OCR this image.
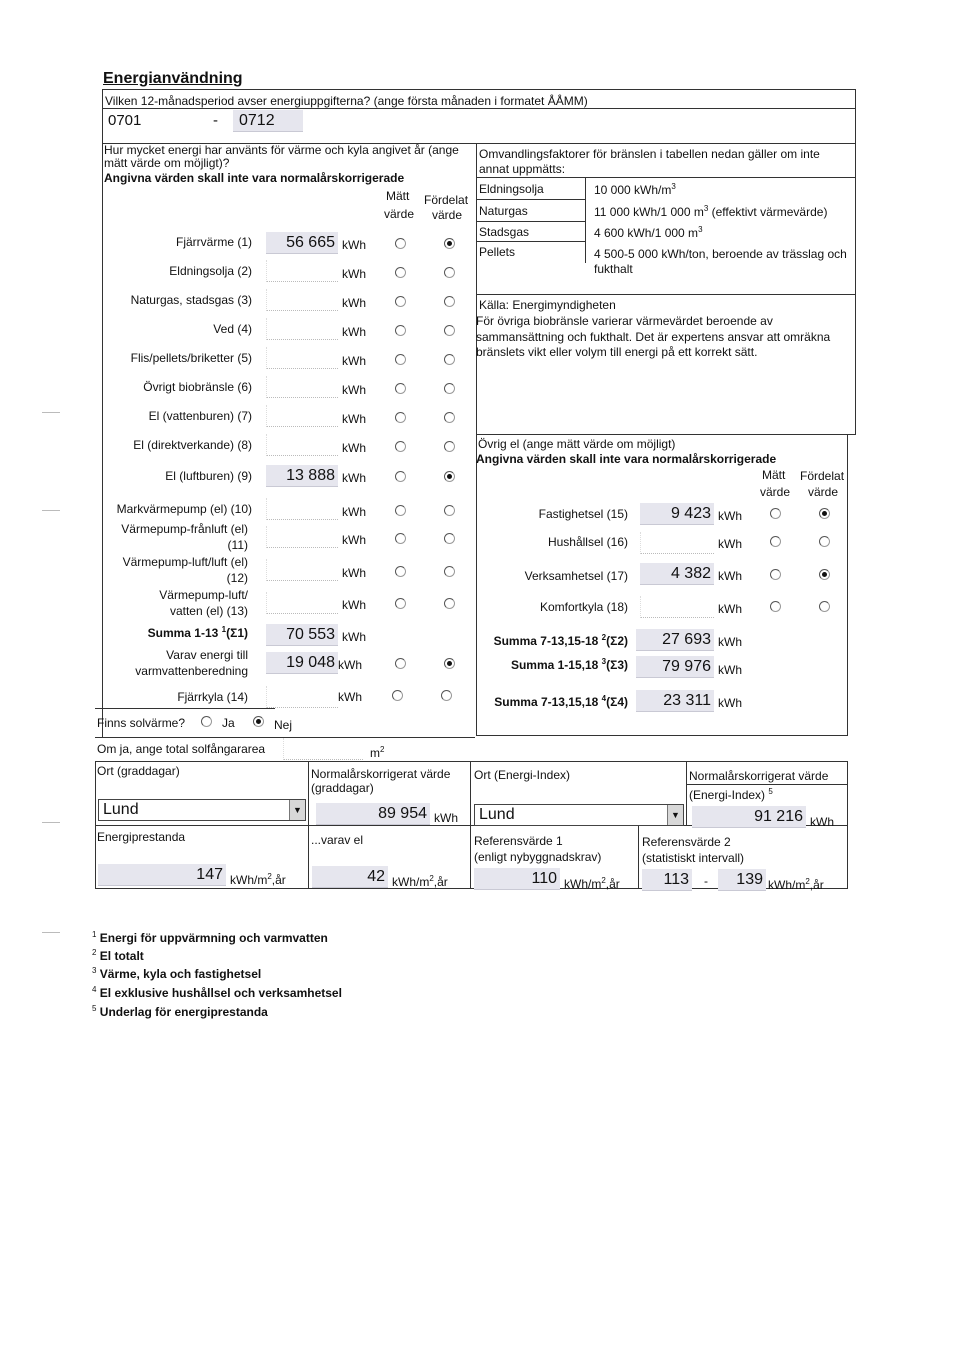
Energianvändning
Vilken 12-månadsperiod avser energiuppgifterna? (ange första månaden i formatet ÅÅMM)
0701	-	0712
Hur mycket energi har använts för värme och kyla angivet år (ange
mätt värde om möjligt)?
Angivna värden skall inte vara normalårskorrigerade
Mätt
värde
Fördelat
värde
Fjärrvärme (1)	56 665 kWh
Eldningsolja (2)	kWh
Naturgas, stadsgas (3)	kWh
Ved (4)	kWh
Flis/pellets/briketter (5)	kWh
Övrigt biobränsle (6)	kWh
El (vattenburen) (7)	kWh
El (direktverkande) (8)	kWh
El (luftburen) (9)	13 888 kWh
Markvärmepump (el) (10)	kWh
Värmepump-frånluft (el)
(11)	kWh
Värmepump-luft/luft (el)
(12)	kWh
Värmepump-luft/
vatten (el) (13)	kWh
Summa 1-13 $^1$(Σ1)	70 553 kWh
Varav energi till
varmvattenberedning	19 048 kWh
Fjärrkyla (14)	kWh
Finns solvärme?	Ja	Nej
Om ja, ange total solfångararea	$m^2$
Omvandlingsfaktorer för bränslen i tabellen nedan gäller om inte
annat uppmätts:
Eldningsolja	10 000 kWh/$m^3$
Naturgas	11 000 kWh/1 000 $m^3$ (effektivt värmevärde)
Stadsgas	4 600 kWh/1 000 $m^3$
Pellets	4 500-5 000 kWh/ton, beroende av trässlag och
fukthalt
Källa: Energimyndigheten
För övriga biobränsle varierar värmevärdet beroende av
sammansättning och fukthalt. Det är expertens ansvar att omräkna
bränslets vikt eller volym till energi på ett korrekt sätt.
Övrig el (ange mätt värde om möjligt)
Angivna värden skall inte vara normalårskorrigerade
Mätt
värde
Fördelat
värde
Fastighetsel (15)	9 423 kWh
Hushållsel (16)	kWh
Verksamhetsel (17)	4 382 kWh
Komfortkyla (18)	kWh
Summa 7-13,15-18 $^2$(Σ2)	27 693 kWh
Summa 1-15,18 $^3$(Σ3)	79 976 kWh
Summa 7-13,15,18 $^4$(Σ4)	23 311 kWh
Ort (graddagar)
Lund	▼
Normalårskorrigerat värde
(graddagar)
89 954 kWh
Ort (Energi-Index)
Lund	▼
Normalårskorrigerat värde
(Energi-Index) $^5$
91 216 kWh
Energiprestanda
147 kWh/$m^2,år$
...varav el
42 kWh/$m^2,år$
Referensvärde 1
(enligt nybyggnadskrav)
110 kWh/$m^2,år$
Referensvärde 2
(statistiskt intervall)
113 -	139 kWh/$m^2,år$
$^1$ Energi för uppvärmning och varmvatten
$^2$ El totalt
$^3$ Värme, kyla och fastighetsel
$^4$ El exklusive hushållsel och verksamhetsel
$^5$ Underlag för energiprestanda
